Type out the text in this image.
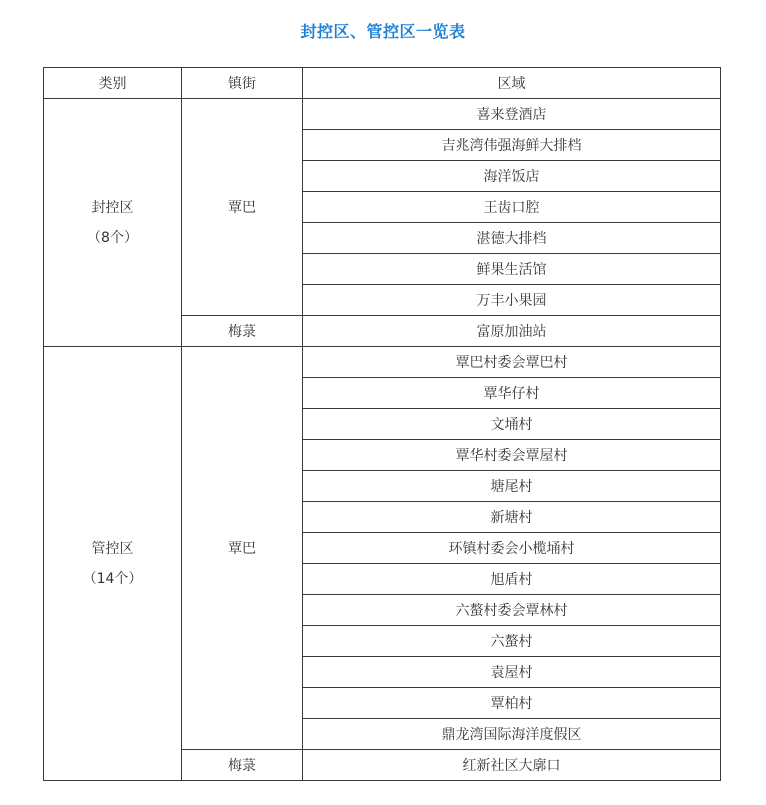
封控区、管控区一览表
类别	镇街	区域

封控区
（8个）	覃巴	喜来登酒店
		吉兆湾伟强海鲜大排档
		海洋饭店
		王齿口腔
		湛德大排档
		鲜果生活馆
		万丰小果园
	梅菉	富原加油站

管控区
（14个）	覃巴	覃巴村委会覃巴村
		覃华仔村
		文埇村
		覃华村委会覃屋村
		塘尾村
		新塘村
		环镇村委会小榄埇村
		旭盾村
		六螯村委会覃林村
		六螯村
		袁屋村
		覃柏村
		鼎龙湾国际海洋度假区
	梅菉	红新社区大廓口
